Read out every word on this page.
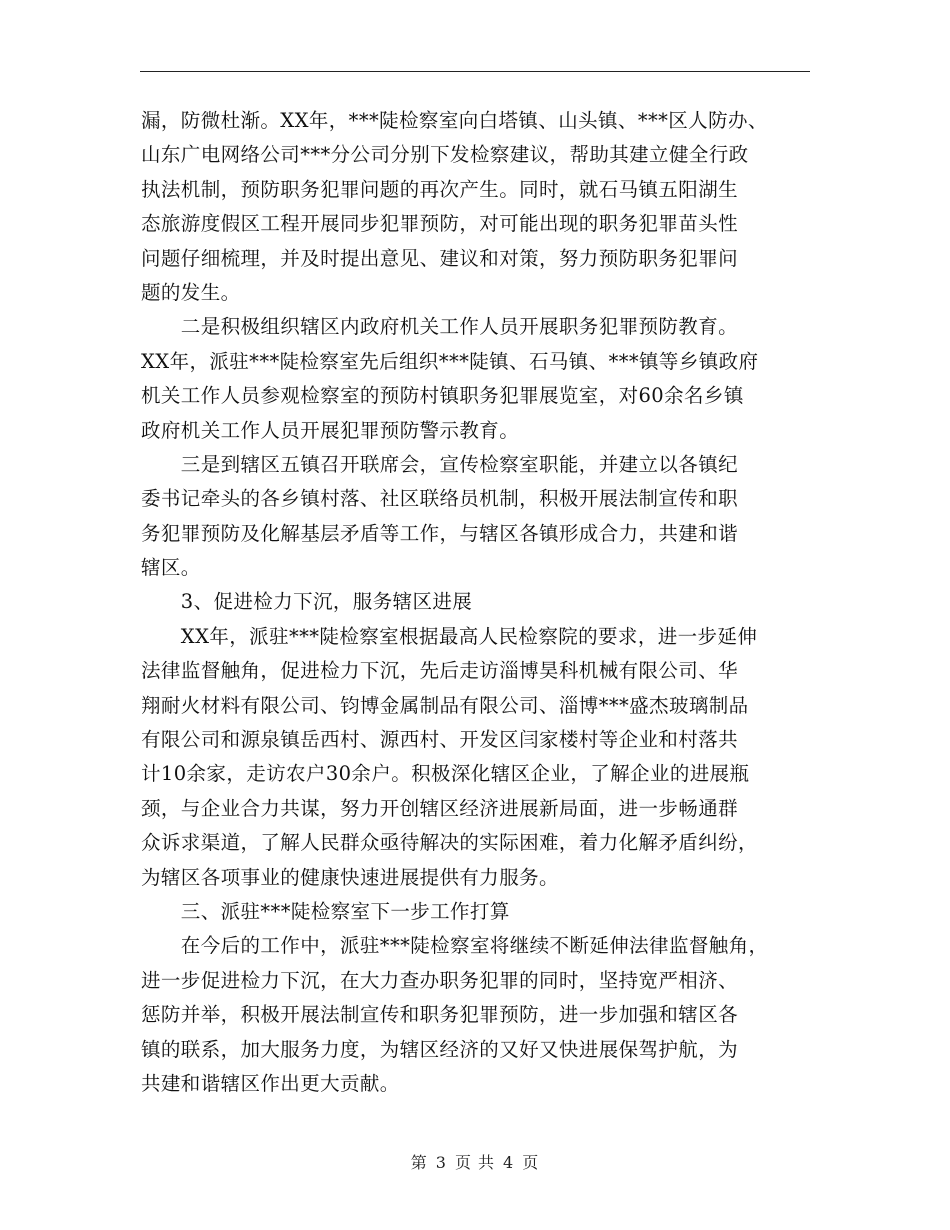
漏，防微杜渐。XX年，***陡检察室向白塔镇、山头镇、***区人防办、
山东广电网络公司***分公司分别下发检察建议，帮助其建立健全行政
执法机制，预防职务犯罪问题的再次产生。同时，就石马镇五阳湖生
态旅游度假区工程开展同步犯罪预防，对可能出现的职务犯罪苗头性
问题仔细梳理，并及时提出意见、建议和对策，努力预防职务犯罪问
题的发生。
　　二是积极组织辖区内政府机关工作人员开展职务犯罪预防教育。
XX年，派驻***陡检察室先后组织***陡镇、石马镇、***镇等乡镇政府
机关工作人员参观检察室的预防村镇职务犯罪展览室，对60余名乡镇
政府机关工作人员开展犯罪预防警示教育。
　　三是到辖区五镇召开联席会，宣传检察室职能，并建立以各镇纪
委书记牵头的各乡镇村落、社区联络员机制，积极开展法制宣传和职
务犯罪预防及化解基层矛盾等工作，与辖区各镇形成合力，共建和谐
辖区。
　　3、促进检力下沉，服务辖区进展
　　XX年，派驻***陡检察室根据最高人民检察院的要求，进一步延伸
法律监督触角，促进检力下沉，先后走访淄博昊科机械有限公司、华
翔耐火材料有限公司、钧博金属制品有限公司、淄博***盛杰玻璃制品
有限公司和源泉镇岳西村、源西村、开发区闫家楼村等企业和村落共
计10余家，走访农户30余户。积极深化辖区企业，了解企业的进展瓶
颈，与企业合力共谋，努力开创辖区经济进展新局面，进一步畅通群
众诉求渠道，了解人民群众亟待解决的实际困难，着力化解矛盾纠纷，
为辖区各项事业的健康快速进展提供有力服务。
　　三、派驻***陡检察室下一步工作打算
　　在今后的工作中，派驻***陡检察室将继续不断延伸法律监督触角，
进一步促进检力下沉，在大力查办职务犯罪的同时，坚持宽严相济、
惩防并举，积极开展法制宣传和职务犯罪预防，进一步加强和辖区各
镇的联系，加大服务力度，为辖区经济的又好又快进展保驾护航，为
共建和谐辖区作出更大贡献。
第 3 页 共 4 页
